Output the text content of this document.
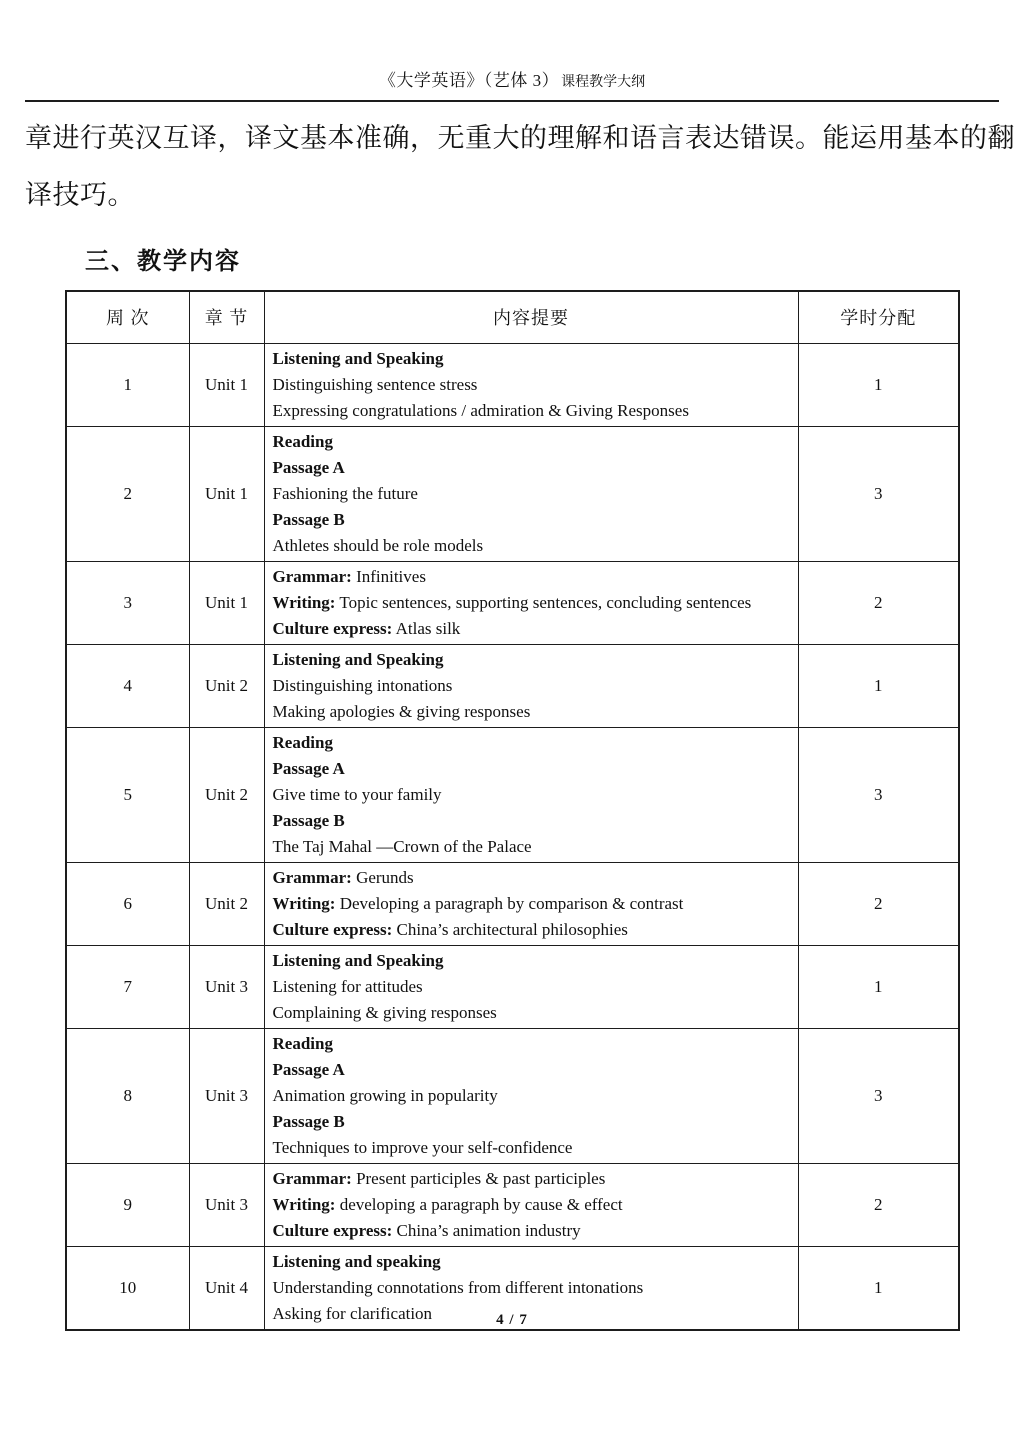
《大学英语》（艺体 3） 课程教学大纲
章进行英汉互译，译文基本准确，无重大的理解和语言表达错误。能运用基本的翻
译技巧。
三、教学内容
周 次	章 节	内容提要	学时分配
1	Unit 1	Listening and Speaking
Distinguishing sentence stress
Expressing congratulations / admiration & Giving Responses	1
2	Unit 1	Reading
Passage A
Fashioning the future
Passage B
Athletes should be role models	3
3	Unit 1	Grammar: Infinitives
Writing: Topic sentences, supporting sentences, concluding sentences
Culture express: Atlas silk	2
4	Unit 2	Listening and Speaking
Distinguishing intonations
Making apologies & giving responses	1
5	Unit 2	Reading
Passage A
Give time to your family
Passage B
The Taj Mahal —Crown of the Palace	3
6	Unit 2	Grammar: Gerunds
Writing: Developing a paragraph by comparison & contrast
Culture express: China’s architectural philosophies	2
7	Unit 3	Listening and Speaking
Listening for attitudes
Complaining & giving responses	1
8	Unit 3	Reading
Passage A
Animation growing in popularity
Passage B
Techniques to improve your self-confidence	3
9	Unit 3	Grammar: Present participles & past participles
Writing: developing a paragraph by cause & effect
Culture express: China’s animation industry	2
10	Unit 4	Listening and speaking
Understanding connotations from different intonations
Asking for clarification	1
4 / 7
